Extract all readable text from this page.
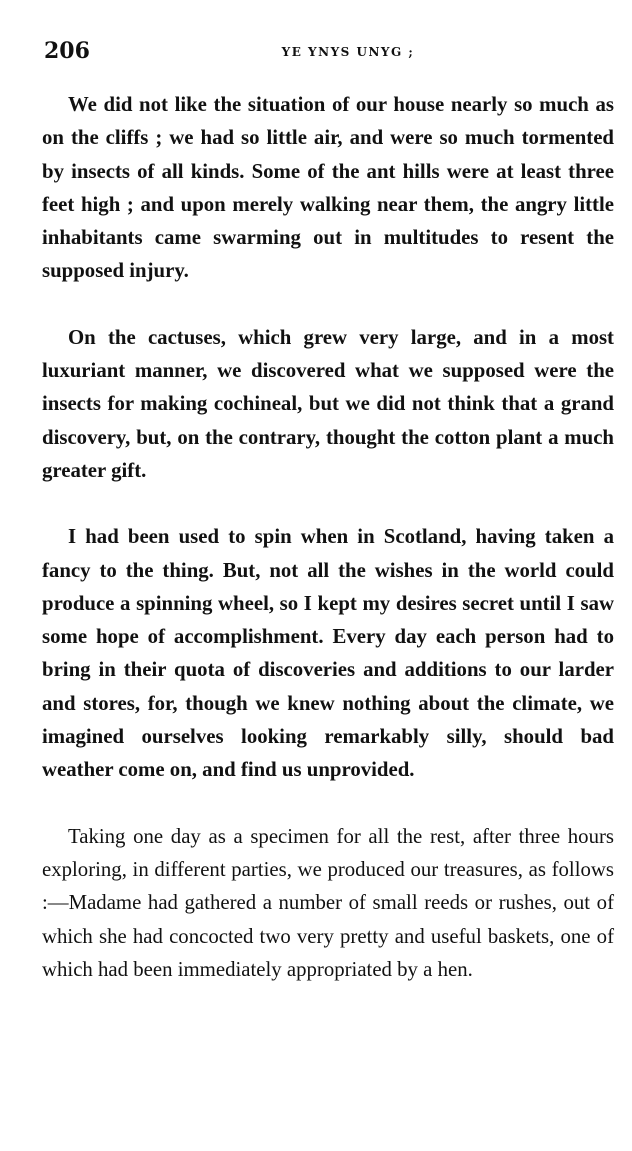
206	YE YNYS UNYG ;

We did not like the situation of our house nearly so much as on the cliffs ; we had so little air, and were so much tormented by insects of all kinds. Some of the ant hills were at least three feet high ; and upon merely walking near them, the angry little inhabitants came swarming out in multitudes to resent the supposed injury.

On the cactuses, which grew very large, and in a most luxuriant manner, we discovered what we supposed were the insects for making cochineal, but we did not think that a grand discovery, but, on the contrary, thought the cotton plant a much greater gift.

I had been used to spin when in Scotland, having taken a fancy to the thing. But, not all the wishes in the world could produce a spinning wheel, so I kept my desires secret until I saw some hope of accomplishment. Every day each person had to bring in their quota of discoveries and additions to our larder and stores, for, though we knew nothing about the climate, we imagined ourselves looking remarkably silly, should bad weather come on, and find us unprovided.

Taking one day as a specimen for all the rest, after three hours exploring, in different parties, we produced our treasures, as follows :—Madame had gathered a number of small reeds or rushes, out of which she had concocted two very pretty and useful baskets, one of which had been immediately appropriated by a hen.
